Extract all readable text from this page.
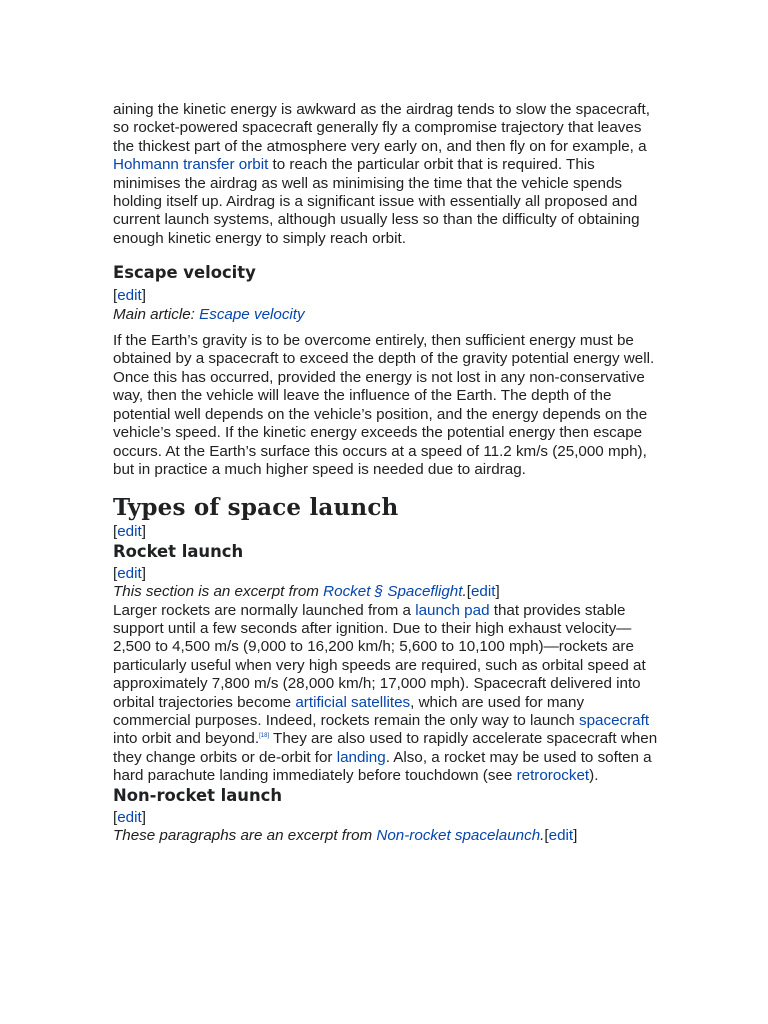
aining the kinetic energy is awkward as the airdrag tends to slow the spacecraft, so rocket-powered spacecraft generally fly a compromise trajectory that leaves the thickest part of the atmosphere very early on, and then fly on for example, a Hohmann transfer orbit to reach the particular orbit that is required. This minimises the airdrag as well as minimising the time that the vehicle spends holding itself up. Airdrag is a significant issue with essentially all proposed and current launch systems, although usually less so than the difficulty of obtaining enough kinetic energy to simply reach orbit.

Escape velocity
[edit]
Main article: Escape velocity

If the Earth’s gravity is to be overcome entirely, then sufficient energy must be obtained by a spacecraft to exceed the depth of the gravity potential energy well. Once this has occurred, provided the energy is not lost in any non-conservative way, then the vehicle will leave the influence of the Earth. The depth of the potential well depends on the vehicle’s position, and the energy depends on the vehicle’s speed. If the kinetic energy exceeds the potential energy then escape occurs. At the Earth’s surface this occurs at a speed of 11.2 km/s (25,000 mph), but in practice a much higher speed is needed due to airdrag.

Types of space launch
[edit]
Rocket launch
[edit]
This section is an excerpt from Rocket § Spaceflight.[edit]

Larger rockets are normally launched from a launch pad that provides stable support until a few seconds after ignition. Due to their high exhaust velocity—2,500 to 4,500 m/s (9,000 to 16,200 km/h; 5,600 to 10,100 mph)—rockets are particularly useful when very high speeds are required, such as orbital speed at approximately 7,800 m/s (28,000 km/h; 17,000 mph). Spacecraft delivered into orbital trajectories become artificial satellites, which are used for many commercial purposes. Indeed, rockets remain the only way to launch spacecraft into orbit and beyond.[18] They are also used to rapidly accelerate spacecraft when they change orbits or de-orbit for landing. Also, a rocket may be used to soften a hard parachute landing immediately before touchdown (see retrorocket).

Non-rocket launch
[edit]
These paragraphs are an excerpt from Non-rocket spacelaunch.[edit]
